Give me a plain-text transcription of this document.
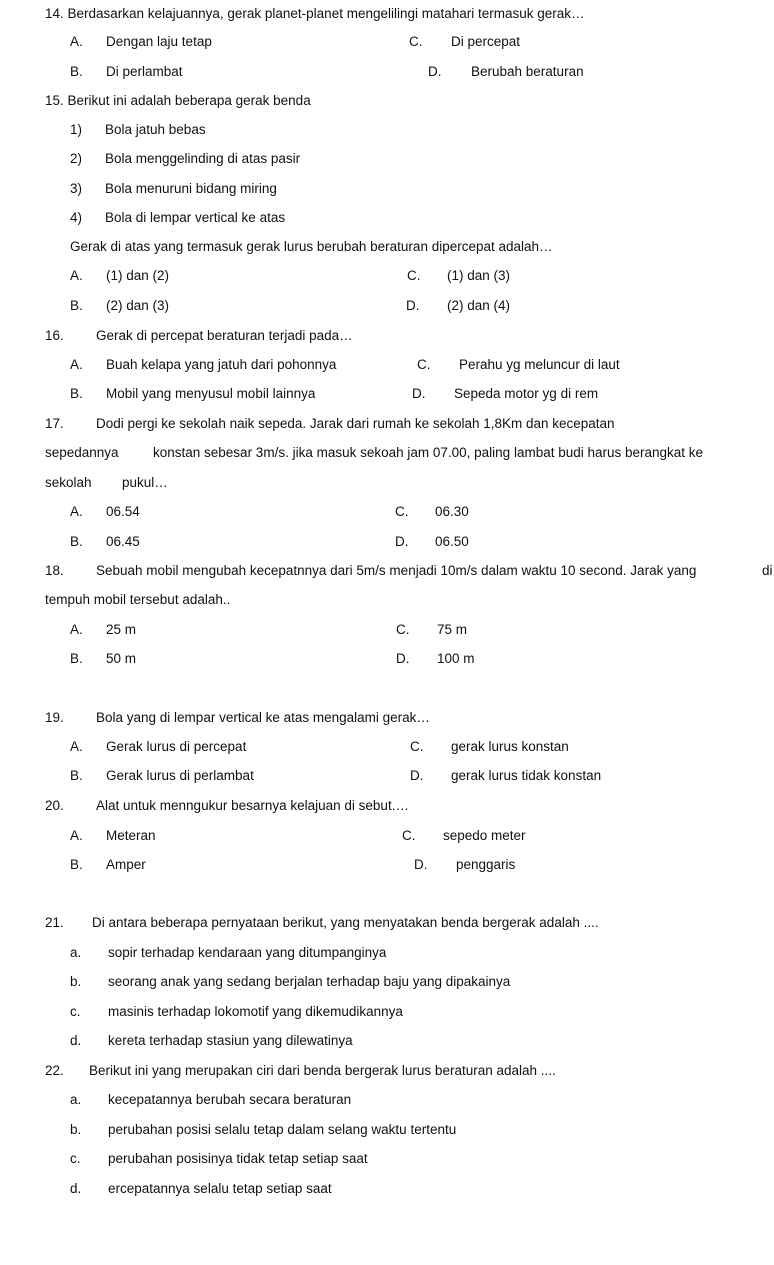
14. Berdasarkan kelajuannya, gerak planet-planet mengelilingi matahari termasuk gerak…
A. Dengan laju tetap	C. Di percepat
B. Di perlambat	D. Berubah beraturan
15. Berikut ini adalah beberapa gerak benda
1) Bola jatuh bebas
2) Bola menggelinding di atas pasir
3) Bola menuruni bidang miring
4) Bola di lempar vertical ke atas
Gerak di atas yang termasuk gerak lurus berubah beraturan dipercepat adalah…
A. (1) dan (2)	C. (1) dan (3)
B. (2) dan (3)	D. (2) dan (4)
16. Gerak di percepat beraturan terjadi pada…
A. Buah kelapa yang jatuh dari pohonnya	C. Perahu yg meluncur di laut
B. Mobil yang menyusul mobil lainnya	D. Sepeda motor yg di rem
17. Dodi pergi ke sekolah naik sepeda. Jarak dari rumah ke sekolah 1,8Km dan kecepatan
sepedannya	konstan sebesar 3m/s. jika masuk sekoah jam 07.00, paling lambat budi harus berangkat ke
sekolah pukul…
A. 06.54	C. 06.30
B. 06.45	D. 06.50
18. Sebuah mobil mengubah kecepatnnya dari 5m/s menjadi 10m/s dalam waktu 10 second. Jarak yang	di
tempuh mobil tersebut adalah..
A. 25 m	C. 75 m
B. 50 m	D. 100 m
19. Bola yang di lempar vertical ke atas mengalami gerak…
A. Gerak lurus di percepat	C. gerak lurus konstan
B. Gerak lurus di perlambat	D. gerak lurus tidak konstan
20. Alat untuk menngukur besarnya kelajuan di sebut.…
A. Meteran	C. sepedo meter
B. Amper	D. penggaris
21. Di antara beberapa pernyataan berikut, yang menyatakan benda bergerak adalah ....
a. sopir terhadap kendaraan yang ditumpanginya
b. seorang anak yang sedang berjalan terhadap baju yang dipakainya
c. masinis terhadap lokomotif yang dikemudikannya
d. kereta terhadap stasiun yang dilewatinya
22. Berikut ini yang merupakan ciri dari benda bergerak lurus beraturan adalah ....
a. kecepatannya berubah secara beraturan
b. perubahan posisi selalu tetap dalam selang waktu tertentu
c. perubahan posisinya tidak tetap setiap saat
d. ercepatannya selalu tetap setiap saat
